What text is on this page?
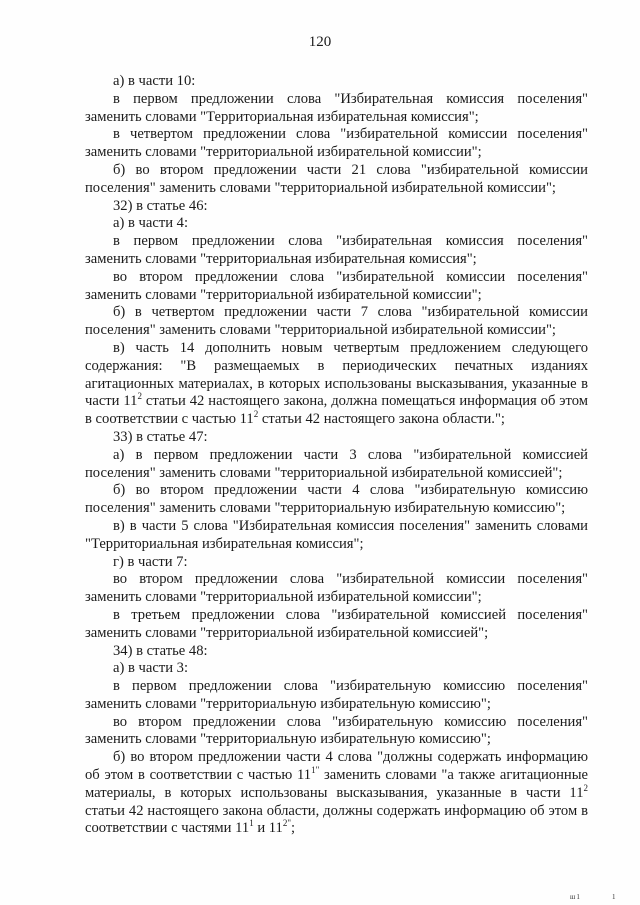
120

а) в части 10:

в первом предложении слова "Избирательная комиссия поселения" заменить словами "Территориальная избирательная комиссия";

в четвертом предложении слова "избирательной комиссии поселения" заменить словами "территориальной избирательной комиссии";

б) во втором предложении части 21 слова "избирательной комиссии поселения" заменить словами "территориальной избирательной комиссии";

32) в статье 46:

а) в части 4:

в первом предложении слова "избирательная комиссия поселения" заменить словами "территориальная избирательная комиссия";

во втором предложении слова "избирательной комиссии поселения" заменить словами "территориальной избирательной комиссии";

б) в четвертом предложении части 7 слова "избирательной комиссии поселения" заменить словами "территориальной избирательной комиссии";

в) часть 14 дополнить новым четвертым предложением следующего содержания: "В размещаемых в периодических печатных изданиях агитационных материалах, в которых использованы высказывания, указанные в части $11^2$ статьи 42 настоящего закона, должна помещаться информация об этом в соответствии с частью $11^2$ статьи 42 настоящего закона области.";

33) в статье 47:

а) в первом предложении части 3 слова "избирательной комиссией поселения" заменить словами "территориальной избирательной комиссией";

б) во втором предложении части 4 слова "избирательную комиссию поселения" заменить словами "территориальную избирательную комиссию";

в) в части 5 слова "Избирательная комиссия поселения" заменить словами "Территориальная избирательная комиссия";

г) в части 7:

во втором предложении слова "избирательной комиссии поселения" заменить словами "территориальной избирательной комиссии";

в третьем предложении слова "избирательной комиссией поселения" заменить словами "территориальной избирательной комиссией";

34) в статье 48:

а) в части 3:

в первом предложении слова "избирательную комиссию поселения" заменить словами "территориальную избирательную комиссию";

во втором предложении слова "избирательную комиссию поселения" заменить словами "территориальную избирательную комиссию";

б) во втором предложении части 4 слова "должны содержать информацию об этом в соответствии с частью $11^{1"}$ заменить словами "а также агитационные материалы, в которых использованы высказывания, указанные в части $11^2$ статьи 42 настоящего закона области, должны содержать информацию об этом в соответствии с частями $11^1$ и $11^{2"}$;

ш1	1
